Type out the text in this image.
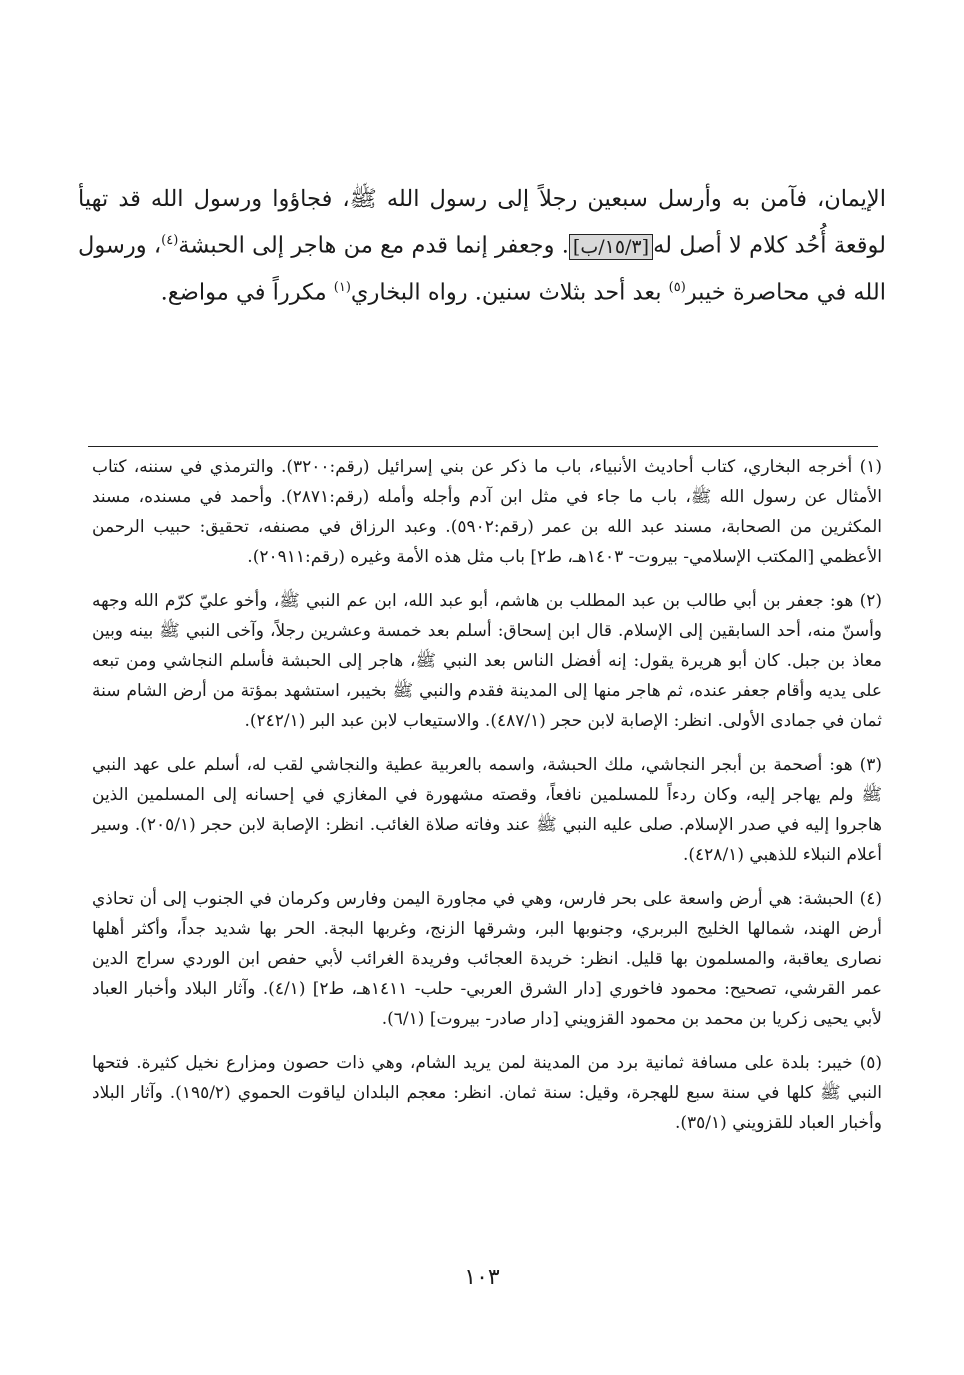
الإيمان، فآمن به وأرسل سبعين رجلاً إلى رسول الله ﷺ، فجاؤوا ورسول الله قد تهيأ لوقعة أُحُد كلام لا أصل له[١٥/٣/ب]. وجعفر إنما قدم مع من هاجر إلى الحبشة$^{(٤)}$، ورسول الله في محاصرة خيبر$^{(٥)}$ بعد أحد بثلاث سنين. رواه البخاري$^{(١)}$ مكرراً في مواضع.

(١) أخرجه البخاري، كتاب أحاديث الأنبياء، باب ما ذكر عن بني إسرائيل (رقم:٣٢٠٠). والترمذي في سننه، كتاب الأمثال عن رسول الله ﷺ، باب ما جاء في مثل ابن آدم وأجله وأمله (رقم:٢٨٧١). وأحمد في مسنده، مسند المكثرين من الصحابة، مسند عبد الله بن عمر (رقم:٥٩٠٢). وعبد الرزاق في مصنفه، تحقيق: حبيب الرحمن الأعظمي [المكتب الإسلامي- بيروت- ١٤٠٣هـ، ط٢] باب مثل هذه الأمة وغيره (رقم:٢٠٩١١).

(٢) هو: جعفر بن أبي طالب بن عبد المطلب بن هاشم، أبو عبد الله، ابن عم النبي ﷺ، وأخو عليّ كرّم الله وجهه وأسنّ منه، أحد السابقين إلى الإسلام. قال ابن إسحاق: أسلم بعد خمسة وعشرين رجلاً، وآخى النبي ﷺ بينه وبين معاذ بن جبل. كان أبو هريرة يقول: إنه أفضل الناس بعد النبي ﷺ، هاجر إلى الحبشة فأسلم النجاشي ومن تبعه على يديه وأقام جعفر عنده، ثم هاجر منها إلى المدينة فقدم والنبي ﷺ بخيبر، استشهد بمؤتة من أرض الشام سنة ثمان في جمادى الأولى. انظر: الإصابة لابن حجر (٤٨٧/١). والاستيعاب لابن عبد البر (٢٤٢/١).

(٣) هو: أصحمة بن أبجر النجاشي، ملك الحبشة، واسمه بالعربية عطية والنجاشي لقب له، أسلم على عهد النبي ﷺ ولم يهاجر إليه، وكان ردءاً للمسلمين نافعاً، وقصته مشهورة في المغازي في إحسانه إلى المسلمين الذين هاجروا إليه في صدر الإسلام. صلى عليه النبي ﷺ عند وفاته صلاة الغائب. انظر: الإصابة لابن حجر (٢٠٥/١). وسير أعلام النبلاء للذهبي (٤٢٨/١).

(٤) الحبشة: هي أرض واسعة على بحر فارس، وهي في مجاورة اليمن وفارس وكرمان في الجنوب إلى أن تحاذي أرض الهند، شمالها الخليج البربري، وجنوبها البر، وشرقها الزنج، وغربها البجة. الحر بها شديد جداً، وأكثر أهلها نصارى يعاقبة، والمسلمون بها قليل. انظر: خريدة العجائب وفريدة الغرائب لأبي حفص ابن الوردي سراج الدين عمر القرشي، تصحيح: محمود فاخوري [دار الشرق العربي- حلب- ١٤١١هـ، ط٢] (٤/١). وآثار البلاد وأخبار العباد لأبي يحيى زكريا بن محمد بن محمود القزويني [دار صادر- بيروت] (٦/١).

(٥) خيبر: بلدة على مسافة ثمانية برد من المدينة لمن يريد الشام، وهي ذات حصون ومزارع نخيل كثيرة. فتحها النبي ﷺ كلها في سنة سبع للهجرة، وقيل: سنة ثمان. انظر: معجم البلدان لياقوت الحموي (١٩٥/٢). وآثار البلاد وأخبار العباد للقزويني (٣٥/١).

١٠٣
